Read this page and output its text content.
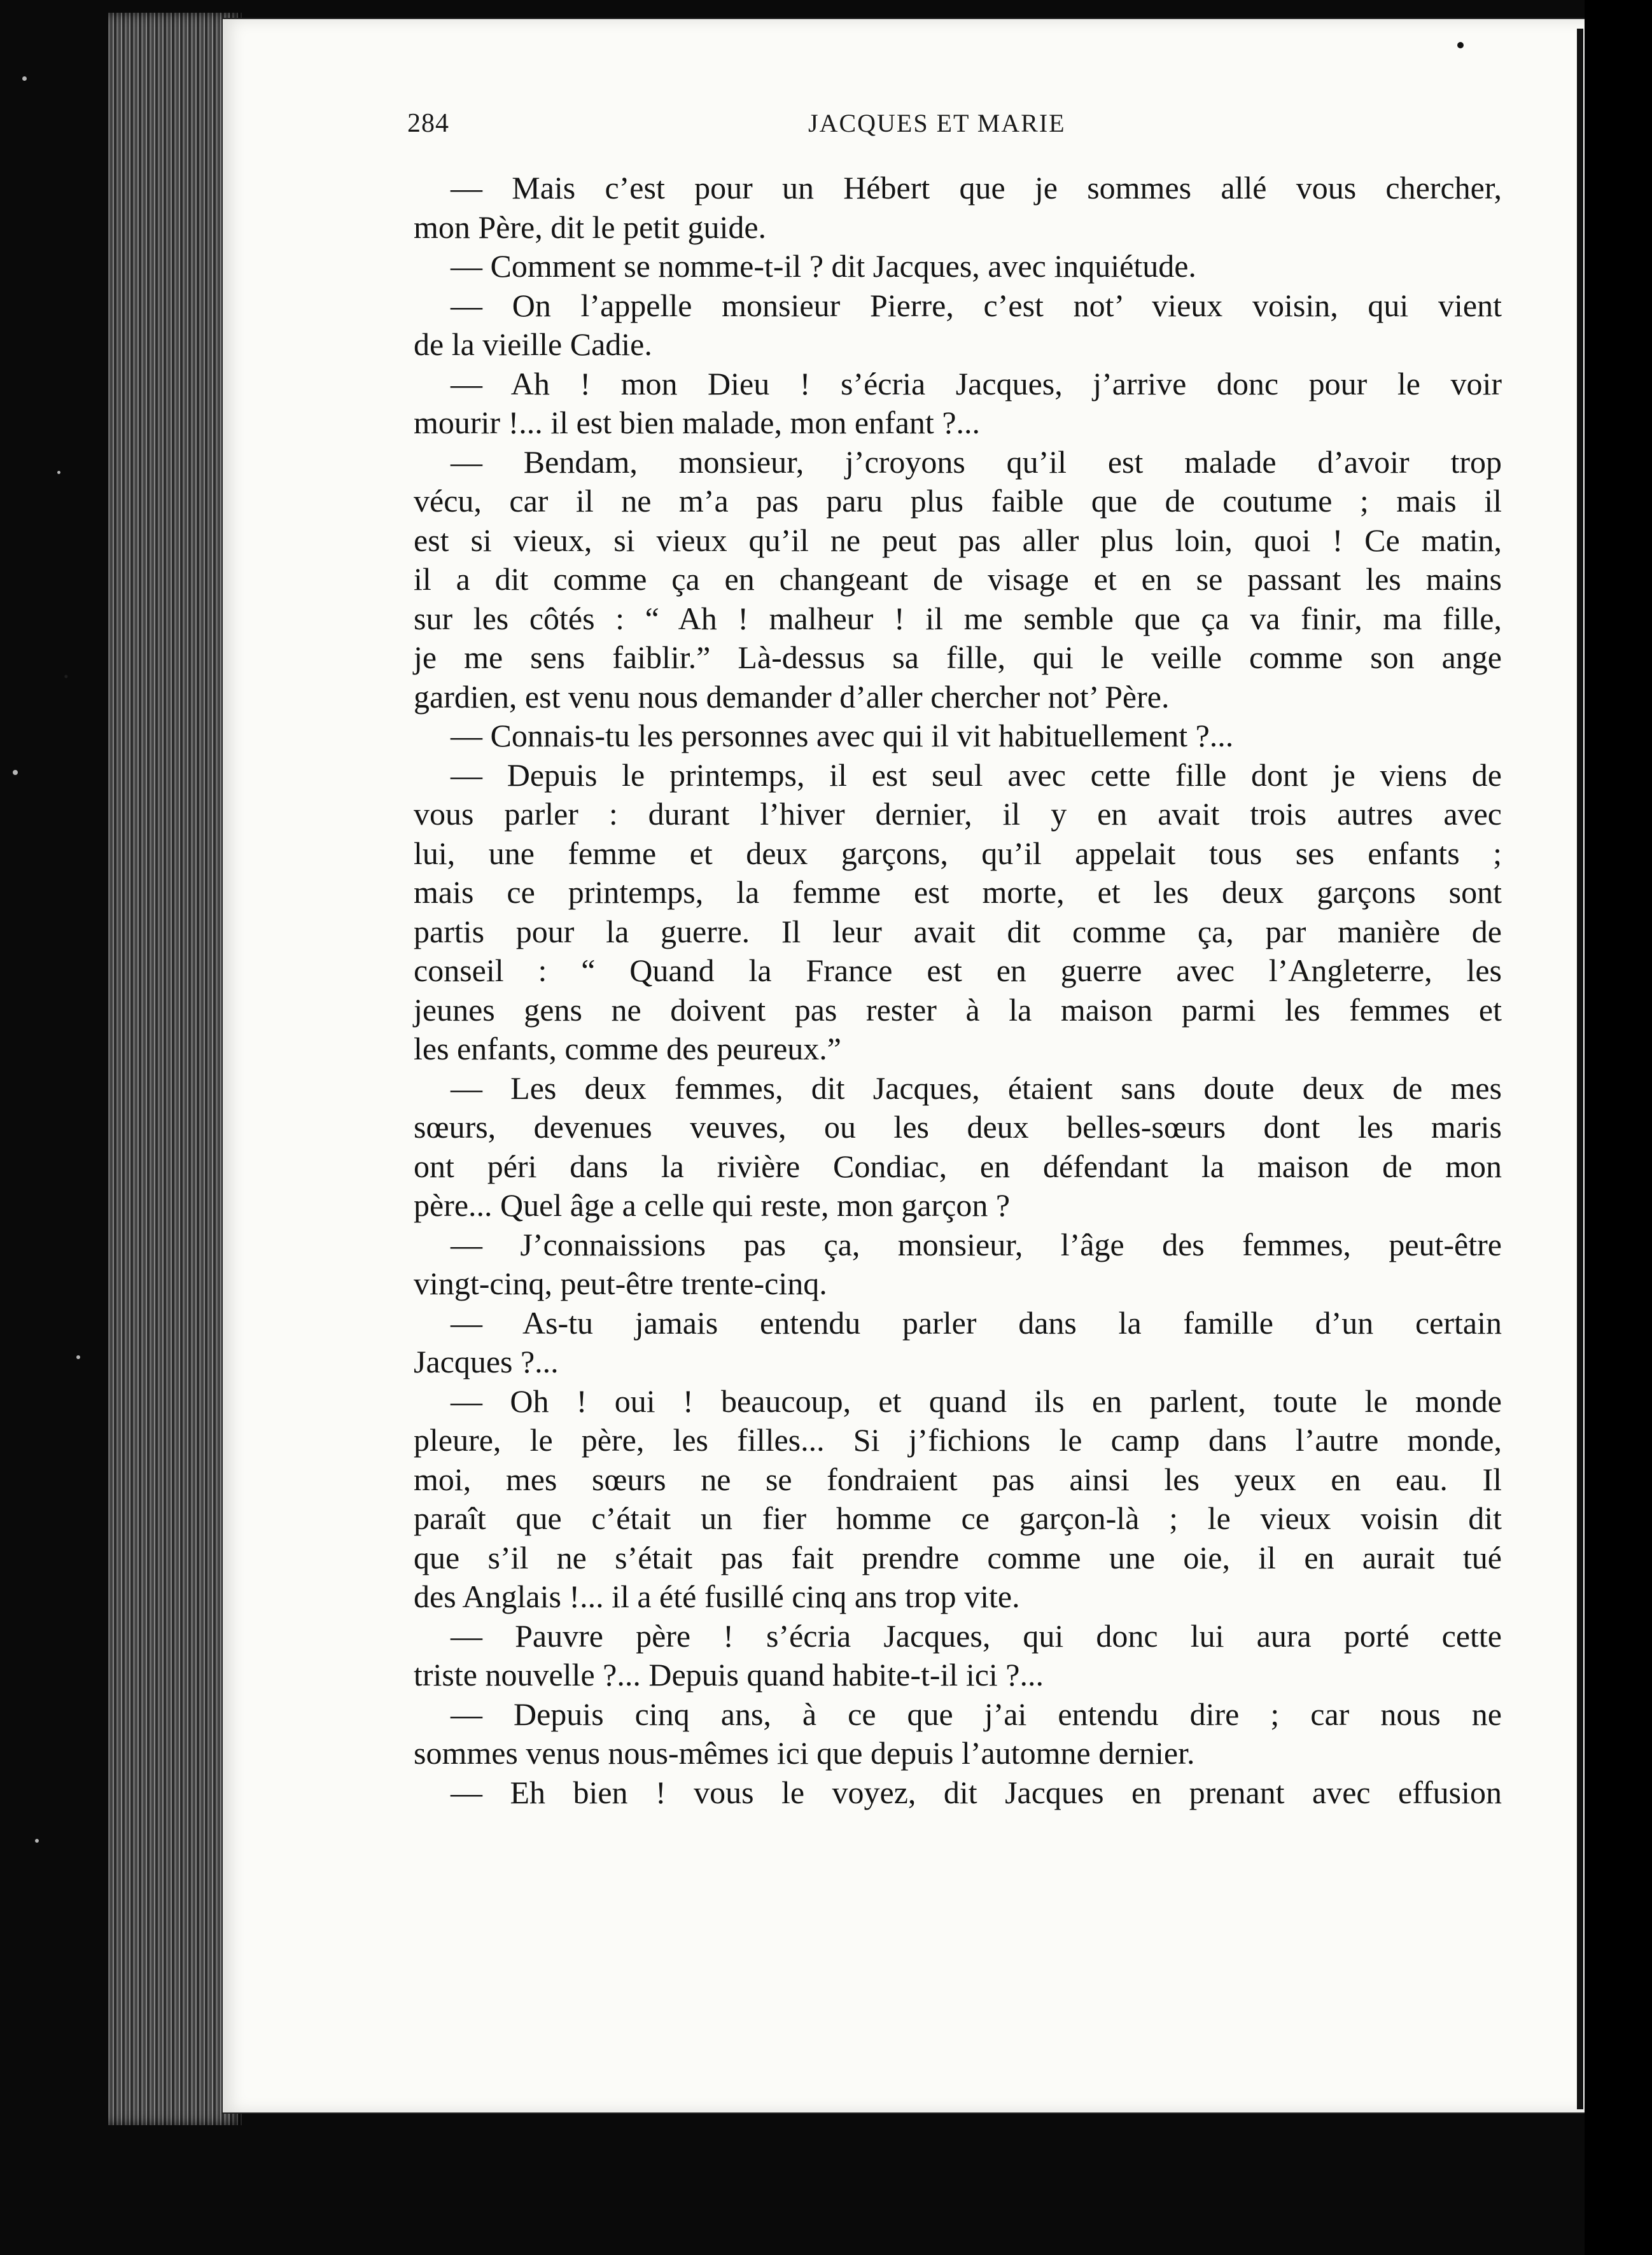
284	JACQUES ET MARIE
— Mais c’est pour un Hébert que je sommes allé vous chercher,
mon Père, dit le petit guide.
— Comment se nomme-t-il ? dit Jacques, avec inquiétude.
— On l’appelle monsieur Pierre, c’est not’ vieux voisin, qui vient
de la vieille Cadie.
— Ah ! mon Dieu ! s’écria Jacques, j’arrive donc pour le voir
mourir !... il est bien malade, mon enfant ?...
— Bendam, monsieur, j’croyons qu’il est malade d’avoir trop
vécu, car il ne m’a pas paru plus faible que de coutume ; mais il
est si vieux, si vieux qu’il ne peut pas aller plus loin, quoi ! Ce matin,
il a dit comme ça en changeant de visage et en se passant les mains
sur les côtés : “ Ah ! malheur ! il me semble que ça va finir, ma fille,
je me sens faiblir.” Là-dessus sa fille, qui le veille comme son ange
gardien, est venu nous demander d’aller chercher not’ Père.
— Connais-tu les personnes avec qui il vit habituellement ?...
— Depuis le printemps, il est seul avec cette fille dont je viens de
vous parler : durant l’hiver dernier, il y en avait trois autres avec
lui, une femme et deux garçons, qu’il appelait tous ses enfants ;
mais ce printemps, la femme est morte, et les deux garçons sont
partis pour la guerre. Il leur avait dit comme ça, par manière de
conseil : “ Quand la France est en guerre avec l’Angleterre, les
jeunes gens ne doivent pas rester à la maison parmi les femmes et
les enfants, comme des peureux.”
— Les deux femmes, dit Jacques, étaient sans doute deux de mes
sœurs, devenues veuves, ou les deux belles-sœurs dont les maris
ont péri dans la rivière Condiac, en défendant la maison de mon
père... Quel âge a celle qui reste, mon garçon ?
— J’connaissions pas ça, monsieur, l’âge des femmes, peut-être
vingt-cinq, peut-être trente-cinq.
— As-tu jamais entendu parler dans la famille d’un certain
Jacques ?...
— Oh ! oui ! beaucoup, et quand ils en parlent, toute le monde
pleure, le père, les filles... Si j’fichions le camp dans l’autre monde,
moi, mes sœurs ne se fondraient pas ainsi les yeux en eau. Il
paraît que c’était un fier homme ce garçon-là ; le vieux voisin dit
que s’il ne s’était pas fait prendre comme une oie, il en aurait tué
des Anglais !... il a été fusillé cinq ans trop vite.
— Pauvre père ! s’écria Jacques, qui donc lui aura porté cette
triste nouvelle ?... Depuis quand habite-t-il ici ?...
— Depuis cinq ans, à ce que j’ai entendu dire ; car nous ne
sommes venus nous-mêmes ici que depuis l’automne dernier.
— Eh bien ! vous le voyez, dit Jacques en prenant avec effusion
